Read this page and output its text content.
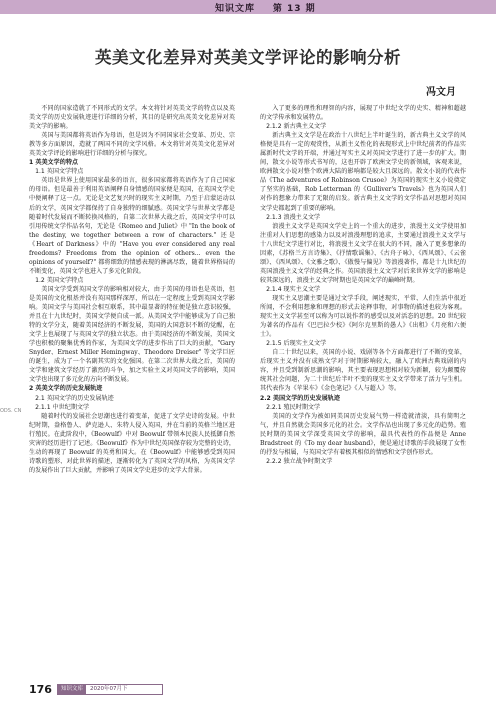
知识文库 第 13 期
英美文化差异对英美文学评论的影响分析
冯文月

不同的国家造就了不同形式的文学。本文将针对英美文学的特点以及英美文学的历史发展轨迹进行详细的分析，其目的是研究出英美文化差异对英美文学的影响。

英国与美国都将英语作为母语，但是因为不同国家社会变革、历史、宗教等多方面原因，造就了两国不同的文学风格。本文将针对英美文化差异对英美文学评论的影响进行详细的分析与探究。

1 英美文学的特点

1.1 英国文学特点

英语是世界上使用国家最多的语言，很多国家都将英语作为了自己国家的母语。但是最善于利用英语阐释自身情感的国家便是英国，在英国文学史中便阐释了这一点。无论是文艺复兴时的现实主义时期，乃至于启蒙运动以后的文学，英国文学都保持了自身独特的细腻感。英国文学与世界文学都是随着时代发展而不断转换风格的，自第二次世界大战之后，英国文学中可以引用传统文学作品名句，无论是《Romeo and Juliet》中 "In the book of the destiny, we together between a row of characters." 还是《Heart of Darkness》中的 "Have you ever considered any real freedoms? Freedoms from the opinion of others... even the opinions of yourself?" 都将细致的情感表现的淋漓尽致，随着世界格局的不断变化，英国文学也进入了多元化阶段。

1.2 美国文学特点

美国文学受到英国文学的影响相对较大，由于美国的母语也是英语，但是美国的文化根基并没有英国那样深厚，所以在一定程度上受到英国文学影响。美国文学与美国社会相互联系，其中最显著的特征便是独立意识较强，并且在十九世纪时，美国文学便自成一派。从美国文学中能够成为了自己独特的文学分支，随着美国经济的不断发展，美国的大国意识不断的觉醒，在文学上也展现了与英国文学的独立状态。由于美国经济的不断发展，美国文学也积极的聚集优秀的作家，为美国文学的进步作出了巨大的贡献，"Gary Snyder、Ernest Miller Hemingway、Theodore Dreiser" 等文学巨匠的诞生，成为了一个名副其实的文化强国。在第二次世界大战之后，美国的文学和建筑文学经历了激烈的斗争，加之实验主义对英国文学的影响，美国文学也出现了多元化的方向不断发展。

2 英美文学的历史发展轨迹

2.1 英国文学的历史发展轨迹

2.1.1 中世纪期文学

随着时代的发展社会思潮也进行着变革，促进了文学史诗的发展。中世纪时期，盎格鲁人、萨克逊人、朱特人侵入英国，并在当前的英格兰地区进行殖民。在此阶段中，《Beowulf》中对 Beowulf 带领本民族人民抵御自然灾害的经历进行了记述。《Beowulf》作为中世纪英国保存较为完整的史诗，生动的再现了 Beowulf 的英勇和国大。在《Beowulf》中能够感受到英国诗歌的塑形、对此世界的描述，逐渐转化为了英国文学的风格，为英国文学的发展作出了巨大贡献，并影响了英国文学史进步的文学大背景。

入了更多的理性和理智的内容，展现了中世纪文学的史实、精神和超越的文学传承和发展特点。

2.1.2 新古典主义文学

新古典主义文学是在政治十八世纪上半叶诞生的，新古典主义文学的风格便是具有一定的观赏性，从新主义性化的表现形式上中世纪前者的作品实属新时代文学的开端，并通过写实主义对英国文学进行了进一步的扩大。期间，散文小说等形式书写的，这也开辟了欧洲文学史的新领域，客观来说，欧洲散文小说对整个欧洲大陆的影响都是较大且深远的。散文小说的代表作品《The adventures of Robinson Crusoe》为英国的现实主义小说奠定了坚实的基础，Rob Letterman 的《Gulliver's Travels》也为英国人们对作的想象力带来了无限的启发。新古典主义文学的文学作品对思想对英国文学史都起到了重要的影响。

2.1.3 浪漫主义文学

浪漫主义文学是英国文学史上的一个重大的进步，浪漫主义文学使用加注重对人们思想的感染力以及对浪漫理想的追求，主要通过浪漫主义文学与十八世纪文学进行对比，将浪漫主义文学在很大的不同，融入了更多想象的因素，《苏格兰方言诗集》、《抒情歌谣集》、《古舟子咏》、《西风颂》、《云雀颂》、《西风颂》、《文雅之歌》、《傲慢与偏见》等浪漫著作，都是十九世纪的英国浪漫主义文学的经典之作。英国浪漫主义文学对后来世界文学的影响是较其深远的，浪漫主义文学时期也是英国文学的巅峰时期。

2.1.4 现实主义文学

现实主义思潮主要是通过文学手段，阐述现实，平常、人们生活中很近所闻，不会利用想象和理想的形式去诠释事物，对事物的描述也较为客观。现实主义文学甚至可以称为可以说作者的感受以及对活态的思想。20 世纪较为著名的作品有《巴巴拉少校》《阿尔克里斯的愚人》《出租》《月亮和六便士》。

2.1.5 后现实主义文学

自二十世纪以来，英国的小说、戏剧等各个方面都进行了不断的变革，后现实主义并没有成熟文学对于时期影响较大，融入了欧洲古典戏剧的内容，并且受到制新思潮的影响，其主要表现思想相对较为新颖，较为颠覆传统其社会问题，为二十世纪后半叶不变的现实主义文学带来了活力与生机。其代表作为《苹果车》《金色笔记》《人与超人》等。

2.2 美国文学的历史发展轨迹

2.2.1 殖民时期文学

美国的文学作为被如同美国历史发展气势一样造就清淡，具有简明之气，并且自然就会美国多元化的社会。文学作品也出现了多元化的趋势。殖民时期的美国文学深受英国文学的影响，最具代表性的作品便是 Anne Bradstreet 的《To my dear husband》，便是通过诗歌的手段展现了女性的抒发与相属，与英国文学有着极其相似的情感和文学创作形式。

2.2.2 独立战争时期文学

ODS. CN
176	知识文库	2020年07月下
